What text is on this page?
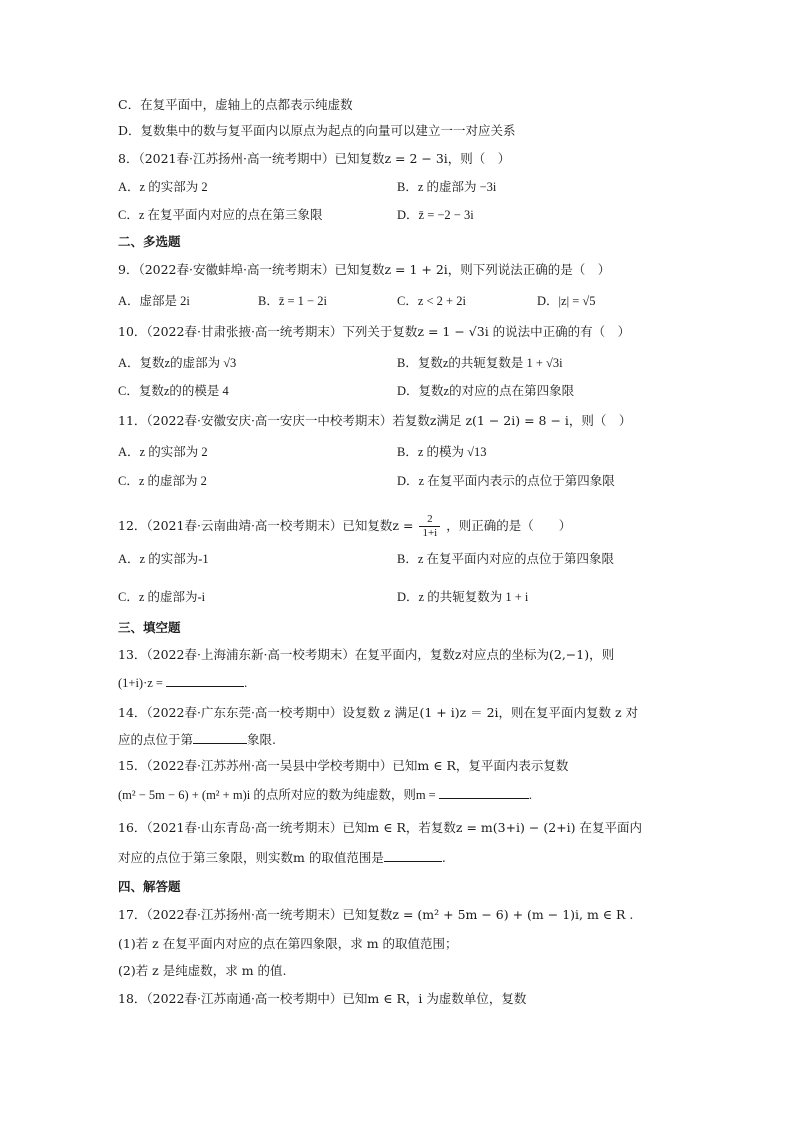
C．在复平面中，虚轴上的点都表示纯虚数
D．复数集中的数与复平面内以原点为起点的向量可以建立一一对应关系
8．（2021春·江苏扬州·高一统考期中）已知复数z = 2 − 3i，则（　）
A．z 的实部为 2	B．z 的虚部为 −3i
C．z 在复平面内对应的点在第三象限	D．z̄ = −2 − 3i
二、多选题
9．（2022春·安徽蚌埠·高一统考期末）已知复数z = 1 + 2i，则下列说法正确的是（　）
A．虚部是 2i	B．z̄ = 1 − 2i	C．z < 2 + 2i	D．|z| = √5
10．（2022春·甘肃张掖·高一统考期末）下列关于复数z = 1 − √3i 的说法中正确的有（　）
A．复数z的虚部为 √3	B．复数z的共轭复数是 1 + √3i
C．复数z的的模是 4	D．复数z的对应的点在第四象限
11．（2022春·安徽安庆·高一安庆一中校考期末）若复数z满足 z(1 − 2i) = 8 − i，则（　）
A．z 的实部为 2	B．z 的模为 √13
C．z 的虚部为 2	D．z 在复平面内表示的点位于第四象限
12．（2021春·云南曲靖·高一校考期末）已知复数$z = \frac{2}{1+i}$ ，则正确的是（　　）
A．z 的实部为-1	B．z 在复平面内对应的点位于第四象限
C．z 的虚部为-i	D．z 的共轭复数为 1 + i
三、填空题
13．（2022春·上海浦东新·高一校考期末）在复平面内，复数z对应点的坐标为(2,−1)，则
(1+i)·z =	.
14．（2022春·广东东莞·高一校考期中）设复数 z 满足(1 + i)z ＝ 2i，则在复平面内复数 z 对
应的点位于第	象限.
15．（2022春·江苏苏州·高一吴县中学校考期中）已知m ∈ R，复平面内表示复数
(m² − 5m − 6) + (m² + m)i 的点所对应的数为纯虚数，则m =	.
16．（2021春·山东青岛·高一统考期末）已知m ∈ R，若复数z = m(3+i) − (2+i) 在复平面内
对应的点位于第三象限，则实数m 的取值范围是	.
四、解答题
17．（2022春·江苏扬州·高一统考期末）已知复数z = (m² + 5m − 6) + (m − 1)i, m ∈ R .
(1)若 z 在复平面内对应的点在第四象限，求 m 的取值范围；
(2)若 z 是纯虚数，求 m 的值.
18．（2022春·江苏南通·高一校考期中）已知m ∈ R，i 为虚数单位，复数
